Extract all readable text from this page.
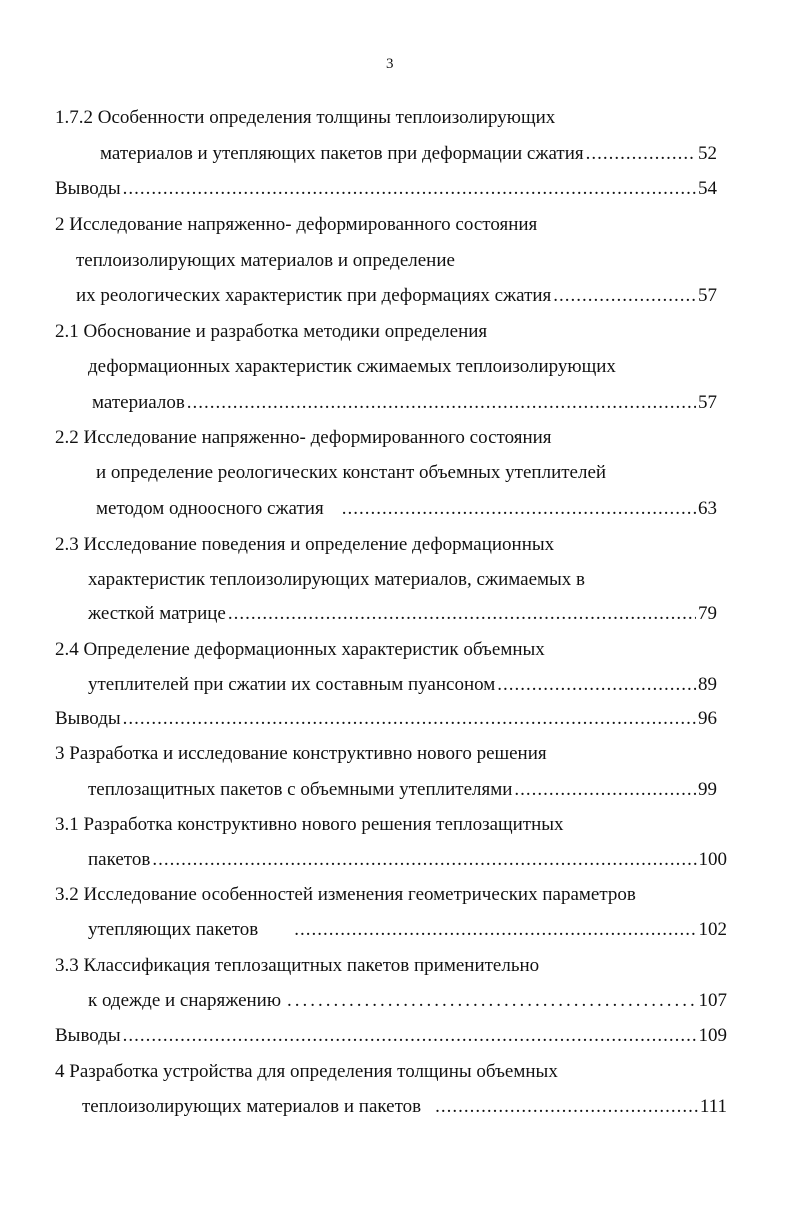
3
1.7.2 Особенности определения толщины теплоизолирующих
материалов и утепляющих пакетов при деформации сжатия .....	52
Выводы .....	54
2 Исследование напряженно- деформированного состояния
теплоизолирующих материалов и определение
их реологических характеристик при деформациях сжатия .....	57
2.1 Обоснование и разработка методики определения
деформационных характеристик сжимаемых теплоизолирующих
материалов .....	57
2.2 Исследование напряженно- деформированного состояния
и определение реологических констант объемных утеплителей
методом одноосного сжатия .....	63
2.3 Исследование поведения и определение деформационных
характеристик теплоизолирующих материалов, сжимаемых в
жесткой матрице .....	79
2.4 Определение деформационных характеристик объемных
утеплителей при сжатии их составным пуансоном .....	89
Выводы .....	96
3 Разработка и исследование конструктивно нового решения
теплозащитных пакетов с объемными утеплителями .....	99
3.1 Разработка конструктивно нового решения теплозащитных
пакетов .....	100
3.2 Исследование особенностей изменения геометрических параметров
утепляющих пакетов .....	102
3.3 Классификация теплозащитных пакетов применительно
к одежде и снаряжению .....	107
Выводы .....	109
4 Разработка устройства для определения толщины объемных
теплоизолирующих материалов и пакетов .....	111
